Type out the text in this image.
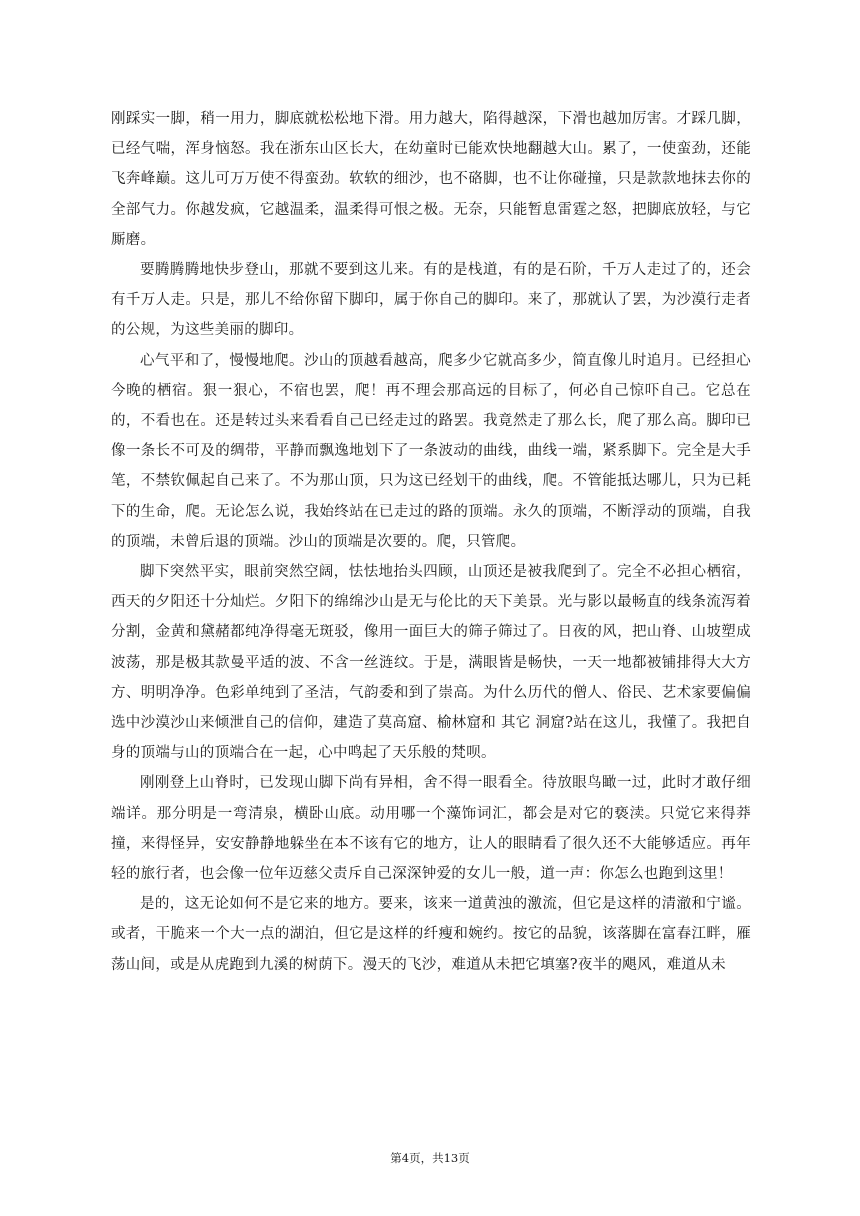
刚踩实一脚，稍一用力，脚底就松松地下滑。用力越大，陷得越深，下滑也越加厉害。才踩几脚，已经气喘，浑身恼怒。我在浙东山区长大，在幼童时已能欢快地翻越大山。累了，一使蛮劲，还能飞奔峰巅。这儿可万万使不得蛮劲。软软的细沙，也不硌脚，也不让你碰撞，只是款款地抹去你的全部气力。你越发疯，它越温柔，温柔得可恨之极。无奈，只能暂息雷霆之怒，把脚底放轻，与它厮磨。

要腾腾腾地快步登山，那就不要到这儿来。有的是栈道，有的是石阶，千万人走过了的，还会有千万人走。只是，那儿不给你留下脚印，属于你自己的脚印。来了，那就认了罢，为沙漠行走者的公规，为这些美丽的脚印。

心气平和了，慢慢地爬。沙山的顶越看越高，爬多少它就高多少，简直像儿时追月。已经担心今晚的栖宿。狠一狠心，不宿也罢，爬！再不理会那高远的目标了，何必自己惊吓自己。它总在的，不看也在。还是转过头来看看自己已经走过的路罢。我竟然走了那么长，爬了那么高。脚印已像一条长不可及的绸带，平静而飘逸地划下了一条波动的曲线，曲线一端，紧系脚下。完全是大手笔，不禁钦佩起自己来了。不为那山顶，只为这已经划干的曲线，爬。不管能抵达哪儿，只为已耗下的生命，爬。无论怎么说，我始终站在已走过的路的顶端。永久的顶端，不断浮动的顶端，自我的顶端，未曾后退的顶端。沙山的顶端是次要的。爬，只管爬。

脚下突然平实，眼前突然空阔，怯怯地抬头四顾，山顶还是被我爬到了。完全不必担心栖宿，西天的夕阳还十分灿烂。夕阳下的绵绵沙山是无与伦比的天下美景。光与影以最畅直的线条流泻着分割，金黄和黛赭都纯净得毫无斑驳，像用一面巨大的筛子筛过了。日夜的风，把山脊、山坡塑成波荡，那是极其款曼平适的波、不含一丝涟纹。于是，满眼皆是畅快，一天一地都被铺排得大大方方、明明净净。色彩单纯到了圣洁，气韵委和到了崇高。为什么历代的僧人、俗民、艺术家要偏偏选中沙漠沙山来倾泄自己的信仰，建造了莫高窟、榆林窟和 其它 洞窟?站在这儿，我懂了。我把自身的顶端与山的顶端合在一起，心中鸣起了天乐般的梵呗。

刚刚登上山脊时，已发现山脚下尚有异相，舍不得一眼看全。待放眼鸟瞰一过，此时才敢仔细端详。那分明是一弯清泉，横卧山底。动用哪一个藻饰词汇，都会是对它的亵渎。只觉它来得莽撞，来得怪异，安安静静地躲坐在本不该有它的地方，让人的眼睛看了很久还不大能够适应。再年轻的旅行者，也会像一位年迈慈父责斥自己深深钟爱的女儿一般，道一声：你怎么也跑到这里！

是的，这无论如何不是它来的地方。要来，该来一道黄浊的激流，但它是这样的清澈和宁谧。或者，干脆来一个大一点的湖泊，但它是这样的纤瘦和婉约。按它的品貌，该落脚在富春江畔，雁荡山间，或是从虎跑到九溪的树荫下。漫天的飞沙，难道从未把它填塞?夜半的飓风，难道从未

第4页，共13页
